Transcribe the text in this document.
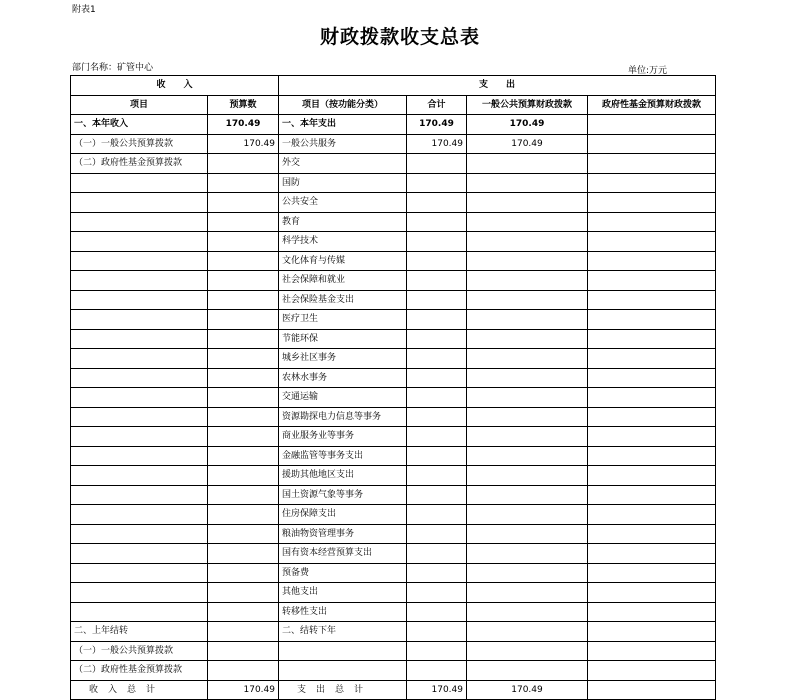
附表1
财政拨款收支总表
部门名称：矿管中心	单位:万元
收　　入		支　　出			
项目	预算数	项目（按功能分类）	合计	一般公共预算财政拨款	政府性基金预算财政拨款
一、本年收入	170.49	一、本年支出	170.49	170.49	
（一）一般公共预算拨款	170.49	一般公共服务	170.49	170.49	
（二）政府性基金预算拨款		外交			
		国防			
		公共安全			
		教育			
		科学技术			
		文化体育与传媒			
		社会保障和就业			
		社会保险基金支出			
		医疗卫生			
		节能环保			
		城乡社区事务			
		农林水事务			
		交通运输			
		资源勘探电力信息等事务			
		商业服务业等事务			
		金融监管等事务支出			
		援助其他地区支出			
		国土资源气象等事务			
		住房保障支出			
		粮油物资管理事务			
		国有资本经营预算支出			
		预备费			
		其他支出			
		转移性支出			
二、上年结转		二、结转下年			
（一）一般公共预算拨款					
（二）政府性基金预算拨款					
收入总计	170.49	支出总计	170.49	170.49	
